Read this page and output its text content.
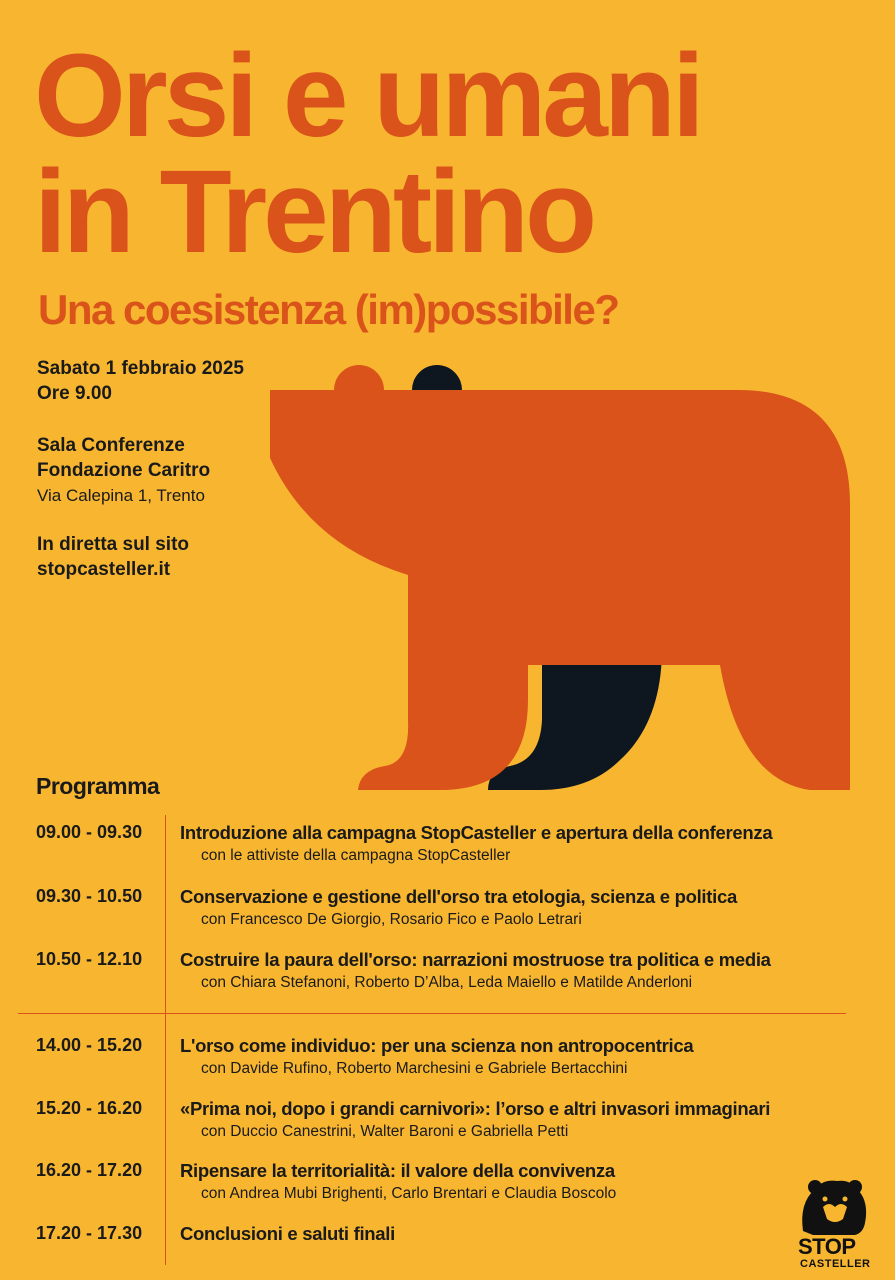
Orsi e umani
in Trentino
Una coesistenza (im)possibile?
Sabato 1 febbraio 2025
Ore 9.00
Sala Conferenze
Fondazione Caritro
Via Calepina 1, Trento
In diretta sul sito
stopcasteller.it
Programma
09.00 - 09.30 Introduzione alla campagna StopCasteller e apertura della conferenza
con le attiviste della campagna StopCasteller
09.30 - 10.50 Conservazione e gestione dell'orso tra etologia, scienza e politica
con Francesco De Giorgio, Rosario Fico e Paolo Letrari
10.50 - 12.10 Costruire la paura dell'orso: narrazioni mostruose tra politica e media
con Chiara Stefanoni, Roberto D’Alba, Leda Maiello e Matilde Anderloni
14.00 - 15.20 L'orso come individuo: per una scienza non antropocentrica
con Davide Rufino, Roberto Marchesini e Gabriele Bertacchini
15.20 - 16.20 «Prima noi, dopo i grandi carnivori»: l’orso e altri invasori immaginari
con Duccio Canestrini, Walter Baroni e Gabriella Petti
16.20 - 17.20 Ripensare la territorialità: il valore della convivenza
con Andrea Mubi Brighenti, Carlo Brentari e Claudia Boscolo
17.20 - 17.30 Conclusioni e saluti finali
STOP
CASTELLER
